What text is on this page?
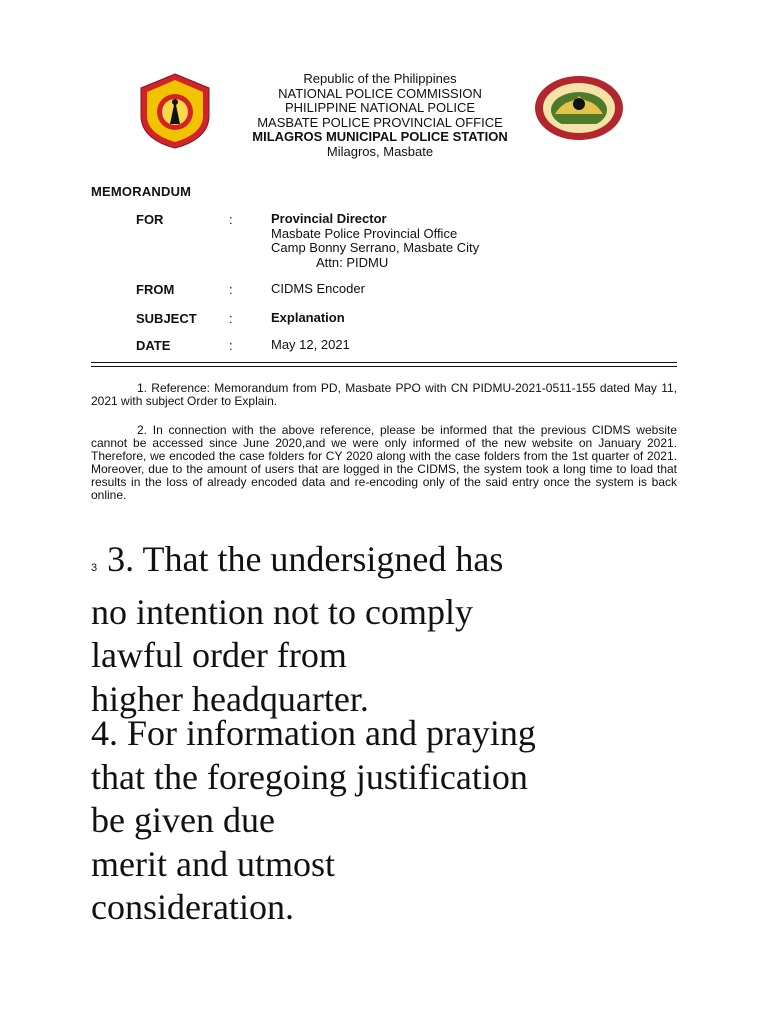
Republic of the Philippines
NATIONAL POLICE COMMISSION
PHILIPPINE NATIONAL POLICE
MASBATE POLICE PROVINCIAL OFFICE
MILAGROS MUNICIPAL POLICE STATION
Milagros, Masbate
MEMORANDUM
FOR	:	Provincial Director
Masbate Police Provincial Office
Camp Bonny Serrano, Masbate City
Attn: PIDMU
FROM	:	CIDMS Encoder
SUBJECT :	Explanation
DATE	:	May 12, 2021
1. Reference: Memorandum from PD, Masbate PPO with CN PIDMU-2021-0511-155 dated May 11, 2021 with subject Order to Explain.
2. In connection with the above reference, please be informed that the previous CIDMS website cannot be accessed since June 2020,and we were only informed of the new website on January 2021. Therefore, we encoded the case folders for CY 2020 along with the case folders from the 1st quarter of 2021. Moreover, due to the amount of users that are logged in the CIDMS, the system took a long time to load that results in the loss of already encoded data and re-encoding only of the said entry once the system is back online.
3 3. That the undersigned has
no intention not to comply
lawful order from
higher headquarter.
4. For information and praying
that the foregoing justification
be given due
merit and utmost
consideration.
